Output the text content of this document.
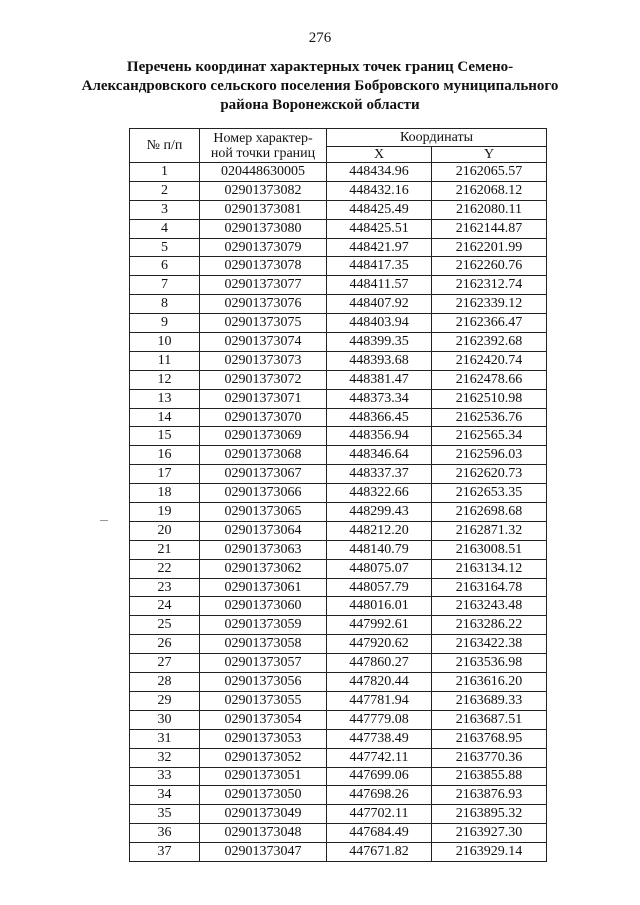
276
Перечень координат характерных точек границ Семено-
Александровского сельского поселения Бобровского муниципального
района Воронежской области
№ п/п	Номер характер-
ной точки границ	Координаты	
		X	Y
1	020448630005	448434.96	2162065.57
2	02901373082	448432.16	2162068.12
3	02901373081	448425.49	2162080.11
4	02901373080	448425.51	2162144.87
5	02901373079	448421.97	2162201.99
6	02901373078	448417.35	2162260.76
7	02901373077	448411.57	2162312.74
8	02901373076	448407.92	2162339.12
9	02901373075	448403.94	2162366.47
10	02901373074	448399.35	2162392.68
11	02901373073	448393.68	2162420.74
12	02901373072	448381.47	2162478.66
13	02901373071	448373.34	2162510.98
14	02901373070	448366.45	2162536.76
15	02901373069	448356.94	2162565.34
16	02901373068	448346.64	2162596.03
17	02901373067	448337.37	2162620.73
18	02901373066	448322.66	2162653.35
19	02901373065	448299.43	2162698.68
20	02901373064	448212.20	2162871.32
21	02901373063	448140.79	2163008.51
22	02901373062	448075.07	2163134.12
23	02901373061	448057.79	2163164.78
24	02901373060	448016.01	2163243.48
25	02901373059	447992.61	2163286.22
26	02901373058	447920.62	2163422.38
27	02901373057	447860.27	2163536.98
28	02901373056	447820.44	2163616.20
29	02901373055	447781.94	2163689.33
30	02901373054	447779.08	2163687.51
31	02901373053	447738.49	2163768.95
32	02901373052	447742.11	2163770.36
33	02901373051	447699.06	2163855.88
34	02901373050	447698.26	2163876.93
35	02901373049	447702.11	2163895.32
36	02901373048	447684.49	2163927.30
37	02901373047	447671.82	2163929.14
